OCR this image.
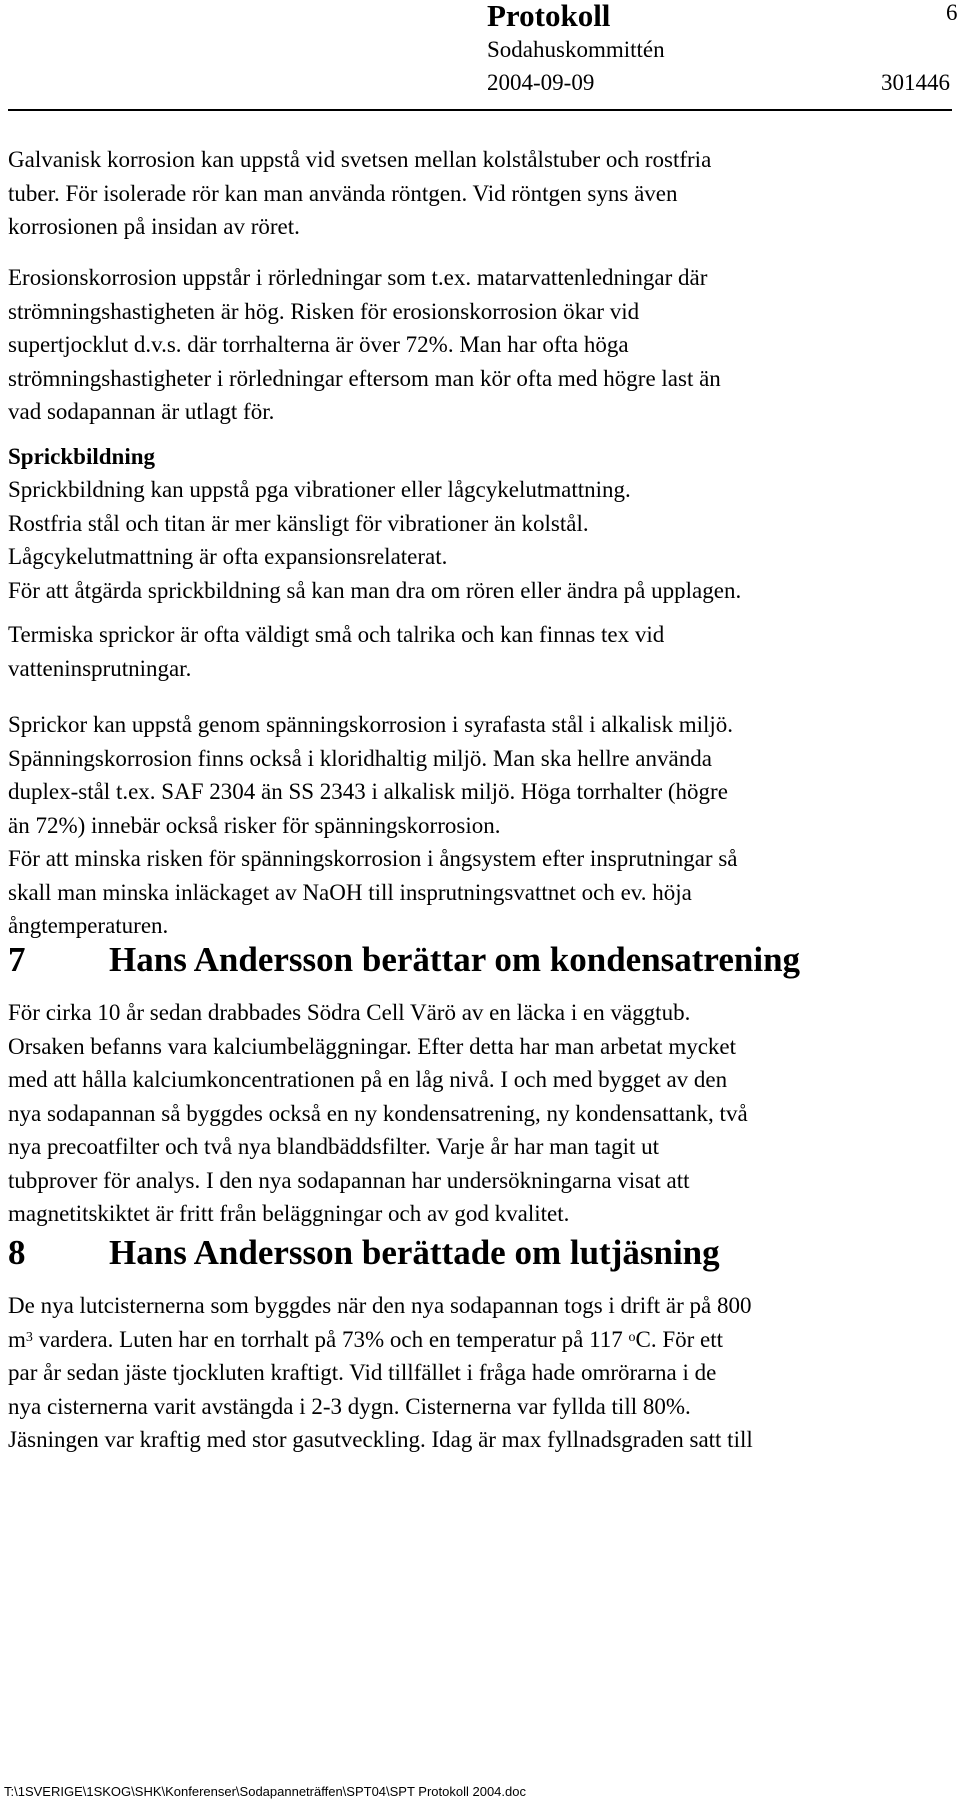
Protokoll	6
Sodahuskommittén
2004-09-09	301446
Galvanisk korrosion kan uppstå vid svetsen mellan kolstålstuber och rostfria
tuber. För isolerade rör kan man använda röntgen. Vid röntgen syns även
korrosionen på insidan av röret.
Erosionskorrosion uppstår i rörledningar som t.ex. matarvattenledningar där
strömningshastigheten är hög. Risken för erosionskorrosion ökar vid
supertjocklut d.v.s. där torrhalterna är över 72%. Man har ofta höga
strömningshastigheter i rörledningar eftersom man kör ofta med högre last än
vad sodapannan är utlagt för.
Sprickbildning
Sprickbildning kan uppstå pga vibrationer eller lågcykelutmattning.
Rostfria stål och titan är mer känsligt för vibrationer än kolstål.
Lågcykelutmattning är ofta expansionsrelaterat.
För att åtgärda sprickbildning så kan man dra om rören eller ändra på upplagen.
Termiska sprickor är ofta väldigt små och talrika och kan finnas tex vid
vatteninsprutningar.
Sprickor kan uppstå genom spänningskorrosion i syrafasta stål i alkalisk miljö.
Spänningskorrosion finns också i kloridhaltig miljö. Man ska hellre använda
duplex-stål t.ex. SAF 2304 än SS 2343 i alkalisk miljö. Höga torrhalter (högre
än 72%) innebär också risker för spänningskorrosion.
För att minska risken för spänningskorrosion i ångsystem efter insprutningar så
skall man minska inläckaget av NaOH till insprutningsvattnet och ev. höja
ångtemperaturen.
7 Hans Andersson berättar om kondensatrening
För cirka 10 år sedan drabbades Södra Cell Värö av en läcka i en väggtub.
Orsaken befanns vara kalciumbeläggningar. Efter detta har man arbetat mycket
med att hålla kalciumkoncentrationen på en låg nivå. I och med bygget av den
nya sodapannan så byggdes också en ny kondensatrening, ny kondensattank, två
nya precoatfilter och två nya blandbäddsfilter. Varje år har man tagit ut
tubprover för analys. I den nya sodapannan har undersökningarna visat att
magnetitskiktet är fritt från beläggningar och av god kvalitet.
8 Hans Andersson berättade om lutjäsning
De nya lutcisternerna som byggdes när den nya sodapannan togs i drift är på 800
$m^3$ vardera. Luten har en torrhalt på 73% och en temperatur på 117 $^o$C. För ett
par år sedan jäste tjockluten kraftigt. Vid tillfället i fråga hade omrörarna i de
nya cisternerna varit avstängda i 2-3 dygn. Cisternerna var fyllda till 80%.
Jäsningen var kraftig med stor gasutveckling. Idag är max fyllnadsgraden satt till
T:\1SVERIGE\1SKOG\SHK\Konferenser\Sodapanneträffen\SPT04\SPT Protokoll 2004.doc
